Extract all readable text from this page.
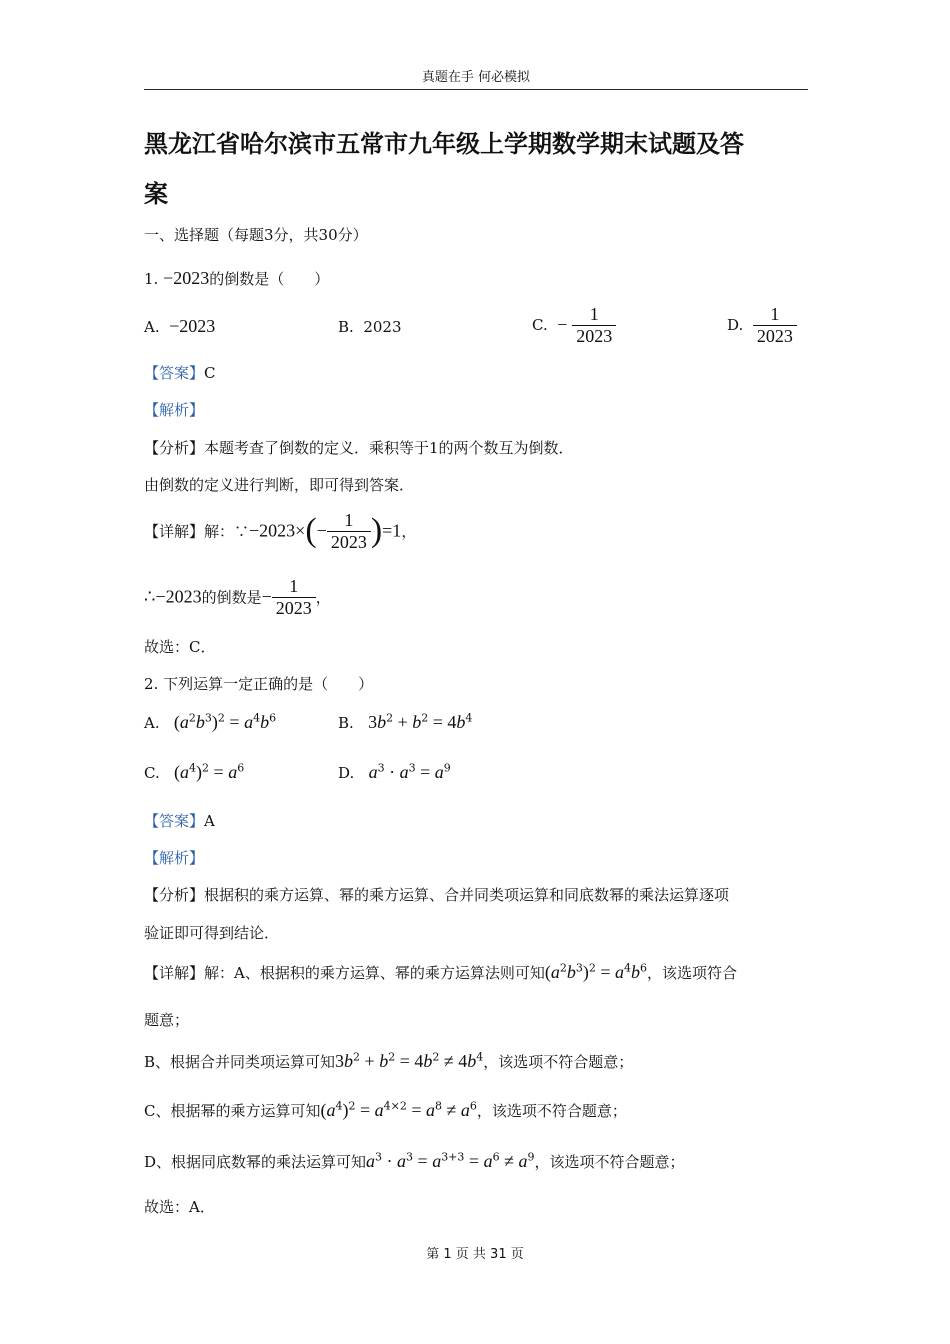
真题在手 何必模拟
黑龙江省哈尔滨市五常市九年级上学期数学期末试题及答
案
一、选择题（每题3分，共30分）
1. −2023的倒数是（　　）
A. −2023	B. 2023	C. − $\frac{1}{2023}$	D. $\frac{1}{2023}$
【答案】C
【解析】
【分析】本题考查了倒数的定义．乘积等于1的两个数互为倒数．
由倒数的定义进行判断，即可得到答案．
【详解】解：∵−2023×(− $\frac{1}{2023} )=1$，
∴−2023的倒数是− $\frac{1}{2023}$ ，
故选：C．
2. 下列运算一定正确的是（　　）
A. $(a^2b^3)^2 = a^4b^6$	B. $3b^2 + b^2 = 4b^4$
C. $(a^4)^2 = a^6$	D. $a^3 \cdot a^3 = a^9$
【答案】A
【解析】
【分析】根据积的乘方运算、幂的乘方运算、合并同类项运算和同底数幂的乘法运算逐项
验证即可得到结论．
【详解】解：A、根据积的乘方运算、幂的乘方运算法则可知$(a^2b^3)^2 = a^4b^6$，该选项符合
题意；
B、根据合并同类项运算可知$3b^2 + b^2 = 4b^2 \ne 4b^4$，该选项不符合题意；
C、根据幂的乘方运算可知$(a^4)^2 = a^{4\times 2} = a^8 \ne a^6$，该选项不符合题意；
D、根据同底数幂的乘法运算可知$a^3 \cdot a^3 = a^{3+3} = a^6 \ne a^9$，该选项不符合题意；
故选：A．
第 1 页 共 31 页
